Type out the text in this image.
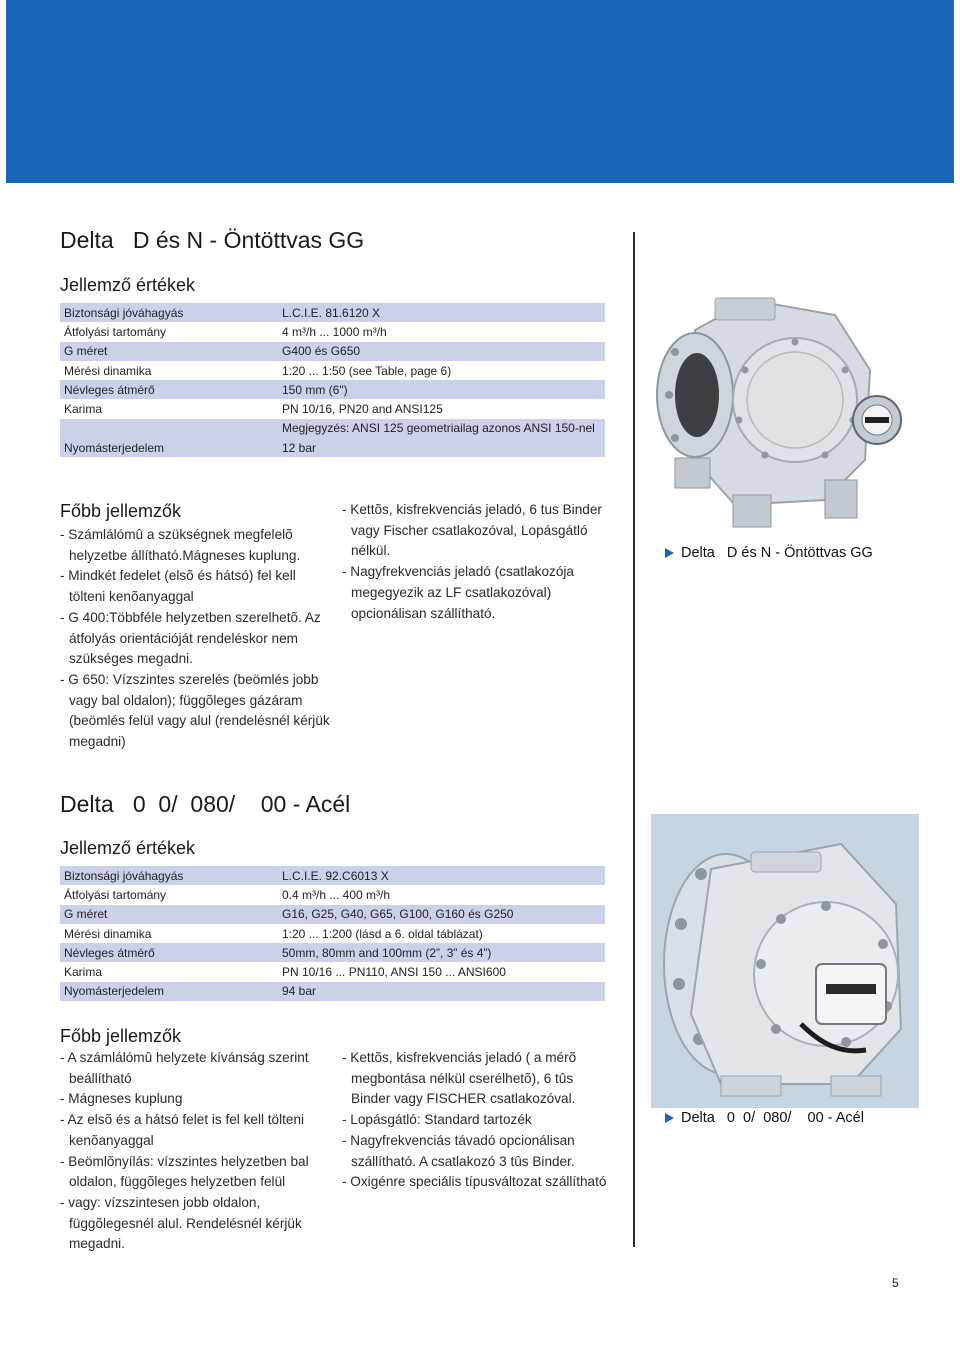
Delta   D és N - Öntöttvas GG
Jellemző értékek
Biztonsági jóváhagyás	L.C.I.E. 81.6120 X
Átfolyási tartomány	4 m³/h ... 1000 m³/h
G méret	G400 és G650
Mérési dinamika	1:20 ... 1:50 (see Table, page 6)
Névleges átmérő	150 mm (6")
Karima	PN 10/16, PN20 and ANSI125
	Megjegyzés: ANSI 125 geometriailag azonos ANSI 150-nel
Nyomásterjedelem	12 bar
Főbb jellemzők
- Számlálómû a szükségnek megfelelõ helyzetbe állítható.Mágneses kuplung.
- Mindkét fedelet (elsõ és hátsó) fel kell tölteni kenõanyaggal
- G 400:Többféle helyzetben szerelhetõ. Az átfolyás orientációját rendeléskor nem szükséges megadni.
- G 650: Vízszintes szerelés (beömlés jobb vagy bal oldalon); függõleges gázáram (beömlés felül vagy alul (rendelésnél kérjük megadni)
- Kettõs, kisfrekvenciás jeladó, 6 tus Binder vagy Fischer csatlakozóval, Lopásgátló nélkül.
- Nagyfrekvenciás jeladó (csatlakozója megegyezik az LF csatlakozóval) opcionálisan szállítható.
Delta   D és N - Öntöttvas GG
Delta   0  0/  080/    00 - Acél
Jellemző értékek
Biztonsági jóváhagyás	L.C.I.E. 92.C6013 X
Átfolyási tartomány	0.4 m³/h ... 400 m³/h
G méret	G16, G25, G40, G65, G100, G160 és G250
Mérési dinamika	1:20 ... 1:200 (lásd a 6. oldal táblázat)
Névleges átmérő	50mm, 80mm and 100mm (2”, 3” és 4”)
Karima	PN 10/16 ... PN110, ANSI 150 ... ANSI600
Nyomásterjedelem	94 bar
Főbb jellemzők
- A számlálómû helyzete kívánság szerint beállítható
- Mágneses kuplung
- Az elsõ és a hátsó felet is fel kell tölteni kenõanyaggal
- Beömlõnyílás: vízszintes helyzetben bal oldalon, függõleges helyzetben felül
- vagy: vízszintesen jobb oldalon, függõlegesnél alul. Rendelésnél kérjük megadni.
- Kettõs, kisfrekvenciás jeladó ( a mérõ megbontása nélkül cserélhetõ), 6 tûs Binder vagy FISCHER csatlakozóval.
- Lopásgátló: Standard tartozék
- Nagyfrekvenciás távadó opcionálisan szállítható. A csatlakozó 3 tûs Binder.
- Oxigénre speciális típusváltozat szállítható
Delta   0  0/  080/    00 - Acél
5
